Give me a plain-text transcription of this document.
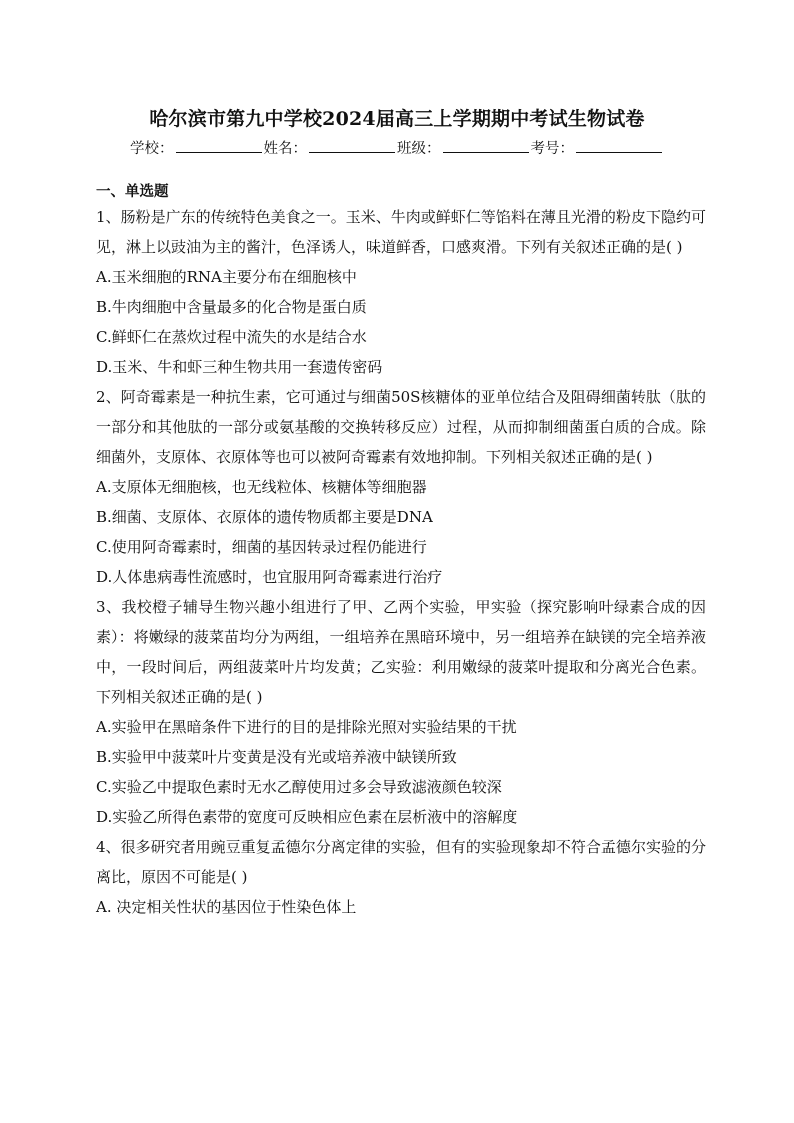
哈尔滨市第九中学校2024届高三上学期期中考试生物试卷
学校：	姓名：	班级：	考号：
一、单选题

1、肠粉是广东的传统特色美食之一。玉米、牛肉或鲜虾仁等馅料在薄且光滑的粉皮下隐约可见，淋上以豉油为主的酱汁，色泽诱人，味道鲜香，口感爽滑。下列有关叙述正确的是( )

A.玉米细胞的RNA主要分布在细胞核中

B.牛肉细胞中含量最多的化合物是蛋白质

C.鲜虾仁在蒸炊过程中流失的水是结合水

D.玉米、牛和虾三种生物共用一套遗传密码

2、阿奇霉素是一种抗生素，它可通过与细菌50S核糖体的亚单位结合及阻碍细菌转肽（肽的一部分和其他肽的一部分或氨基酸的交换转移反应）过程，从而抑制细菌蛋白质的合成。除细菌外，支原体、衣原体等也可以被阿奇霉素有效地抑制。下列相关叙述正确的是( )

A.支原体无细胞核，也无线粒体、核糖体等细胞器

B.细菌、支原体、衣原体的遗传物质都主要是DNA

C.使用阿奇霉素时，细菌的基因转录过程仍能进行

D.人体患病毒性流感时，也宜服用阿奇霉素进行治疗

3、我校橙子辅导生物兴趣小组进行了甲、乙两个实验，甲实验（探究影响叶绿素合成的因素）：将嫩绿的菠菜苗均分为两组，一组培养在黑暗环境中，另一组培养在缺镁的完全培养液中，一段时间后，两组菠菜叶片均发黄；乙实验：利用嫩绿的菠菜叶提取和分离光合色素。下列相关叙述正确的是( )

A.实验甲在黑暗条件下进行的目的是排除光照对实验结果的干扰

B.实验甲中菠菜叶片变黄是没有光或培养液中缺镁所致

C.实验乙中提取色素时无水乙醇使用过多会导致滤液颜色较深

D.实验乙所得色素带的宽度可反映相应色素在层析液中的溶解度

4、很多研究者用豌豆重复孟德尔分离定律的实验，但有的实验现象却不符合孟德尔实验的分离比，原因不可能是( )

A. 决定相关性状的基因位于性染色体上
